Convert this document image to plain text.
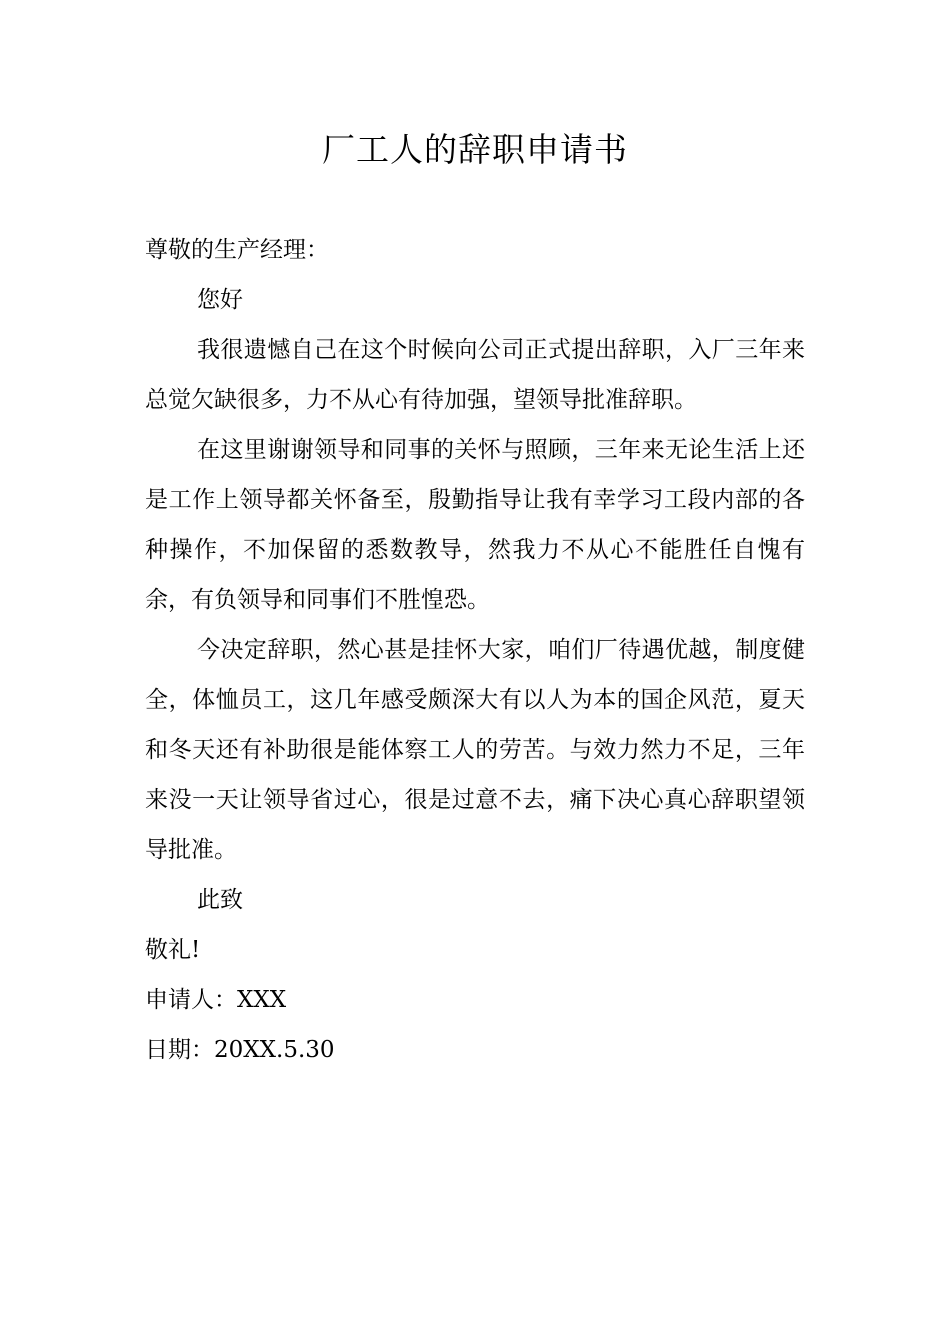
厂工人的辞职申请书

尊敬的生产经理：

您好

我很遗憾自己在这个时候向公司正式提出辞职，入厂三年来总觉欠缺很多，力不从心有待加强，望领导批准辞职。

在这里谢谢领导和同事的关怀与照顾，三年来无论生活上还是工作上领导都关怀备至，殷勤指导让我有幸学习工段内部的各种操作，不加保留的悉数教导，然我力不从心不能胜任自愧有余，有负领导和同事们不胜惶恐。

今决定辞职，然心甚是挂怀大家，咱们厂待遇优越，制度健全，体恤员工，这几年感受颇深大有以人为本的国企风范，夏天和冬天还有补助很是能体察工人的劳苦。与效力然力不足，三年来没一天让领导省过心，很是过意不去，痛下决心真心辞职望领导批准。

此致

敬礼!

申请人：XXX

日期：20XX.5.30
